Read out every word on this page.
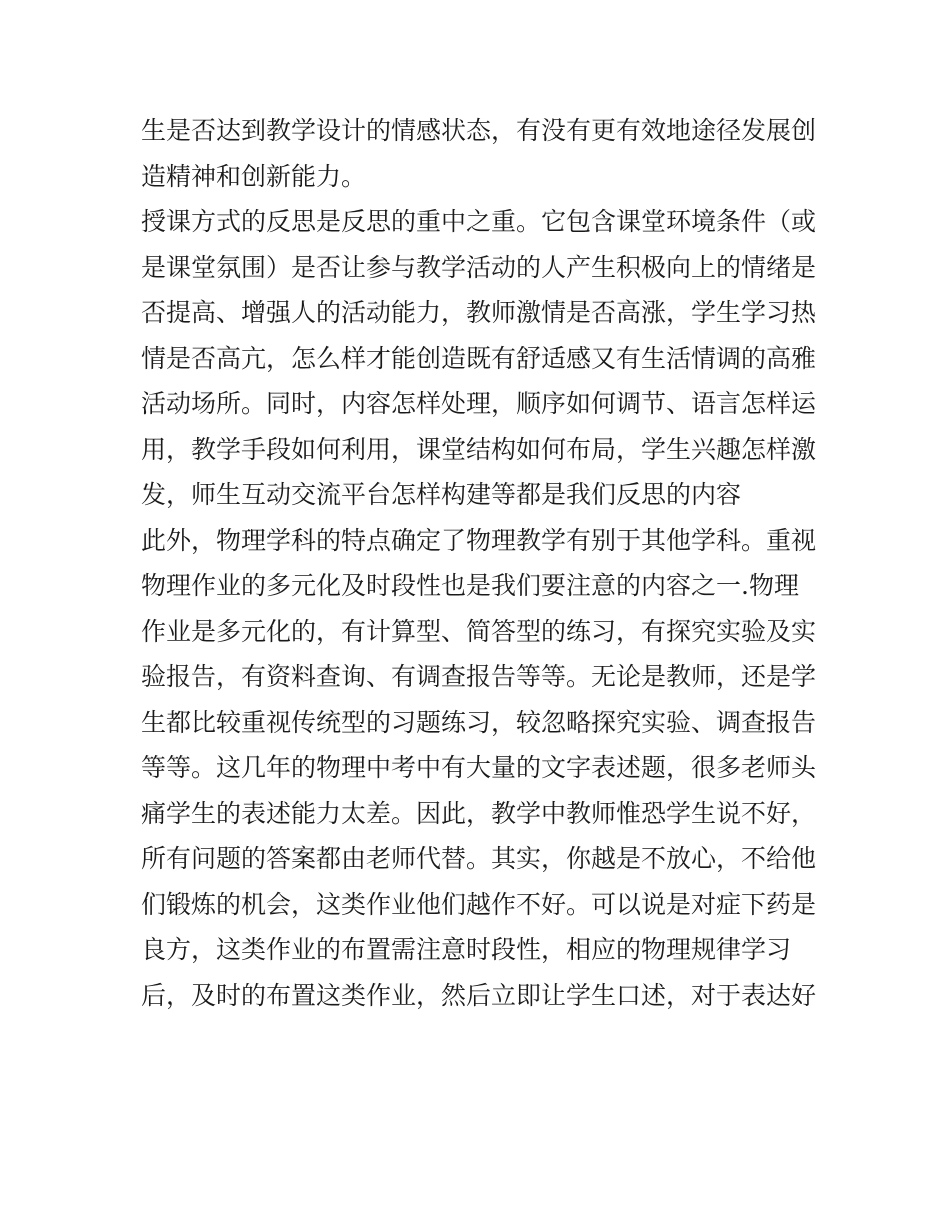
生是否达到教学设计的情感状态，有没有更有效地途径发展创
造精神和创新能力。
授课方式的反思是反思的重中之重。它包含课堂环境条件（或
是课堂氛围）是否让参与教学活动的人产生积极向上的情绪是
否提高、增强人的活动能力，教师激情是否高涨，学生学习热
情是否高亢，怎么样才能创造既有舒适感又有生活情调的高雅
活动场所。同时，内容怎样处理，顺序如何调节、语言怎样运
用，教学手段如何利用，课堂结构如何布局，学生兴趣怎样激
发，师生互动交流平台怎样构建等都是我们反思的内容
此外，物理学科的特点确定了物理教学有别于其他学科。重视
物理作业的多元化及时段性也是我们要注意的内容之一.物理
作业是多元化的，有计算型、简答型的练习，有探究实验及实
验报告，有资料查询、有调查报告等等。无论是教师，还是学
生都比较重视传统型的习题练习，较忽略探究实验、调查报告
等等。这几年的物理中考中有大量的文字表述题，很多老师头
痛学生的表述能力太差。因此，教学中教师惟恐学生说不好，
所有问题的答案都由老师代替。其实，你越是不放心，不给他
们锻炼的机会，这类作业他们越作不好。可以说是对症下药是
良方，这类作业的布置需注意时段性，相应的物理规律学习
后，及时的布置这类作业，然后立即让学生口述，对于表达好
